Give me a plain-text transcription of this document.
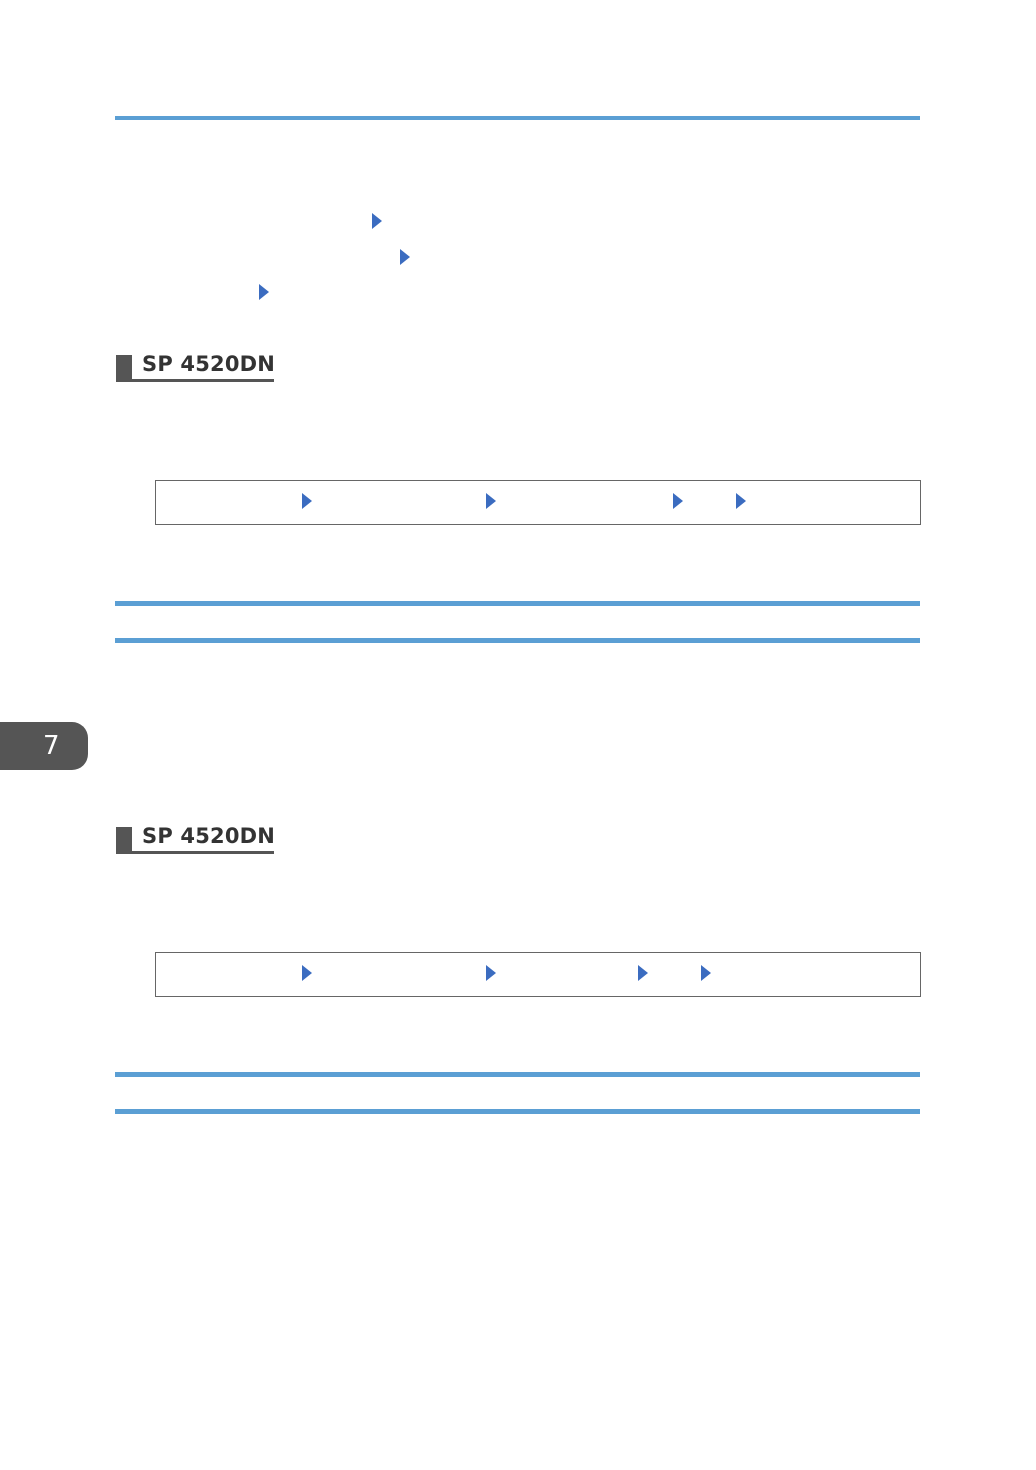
SP 4520DN
7
SP 4520DN
